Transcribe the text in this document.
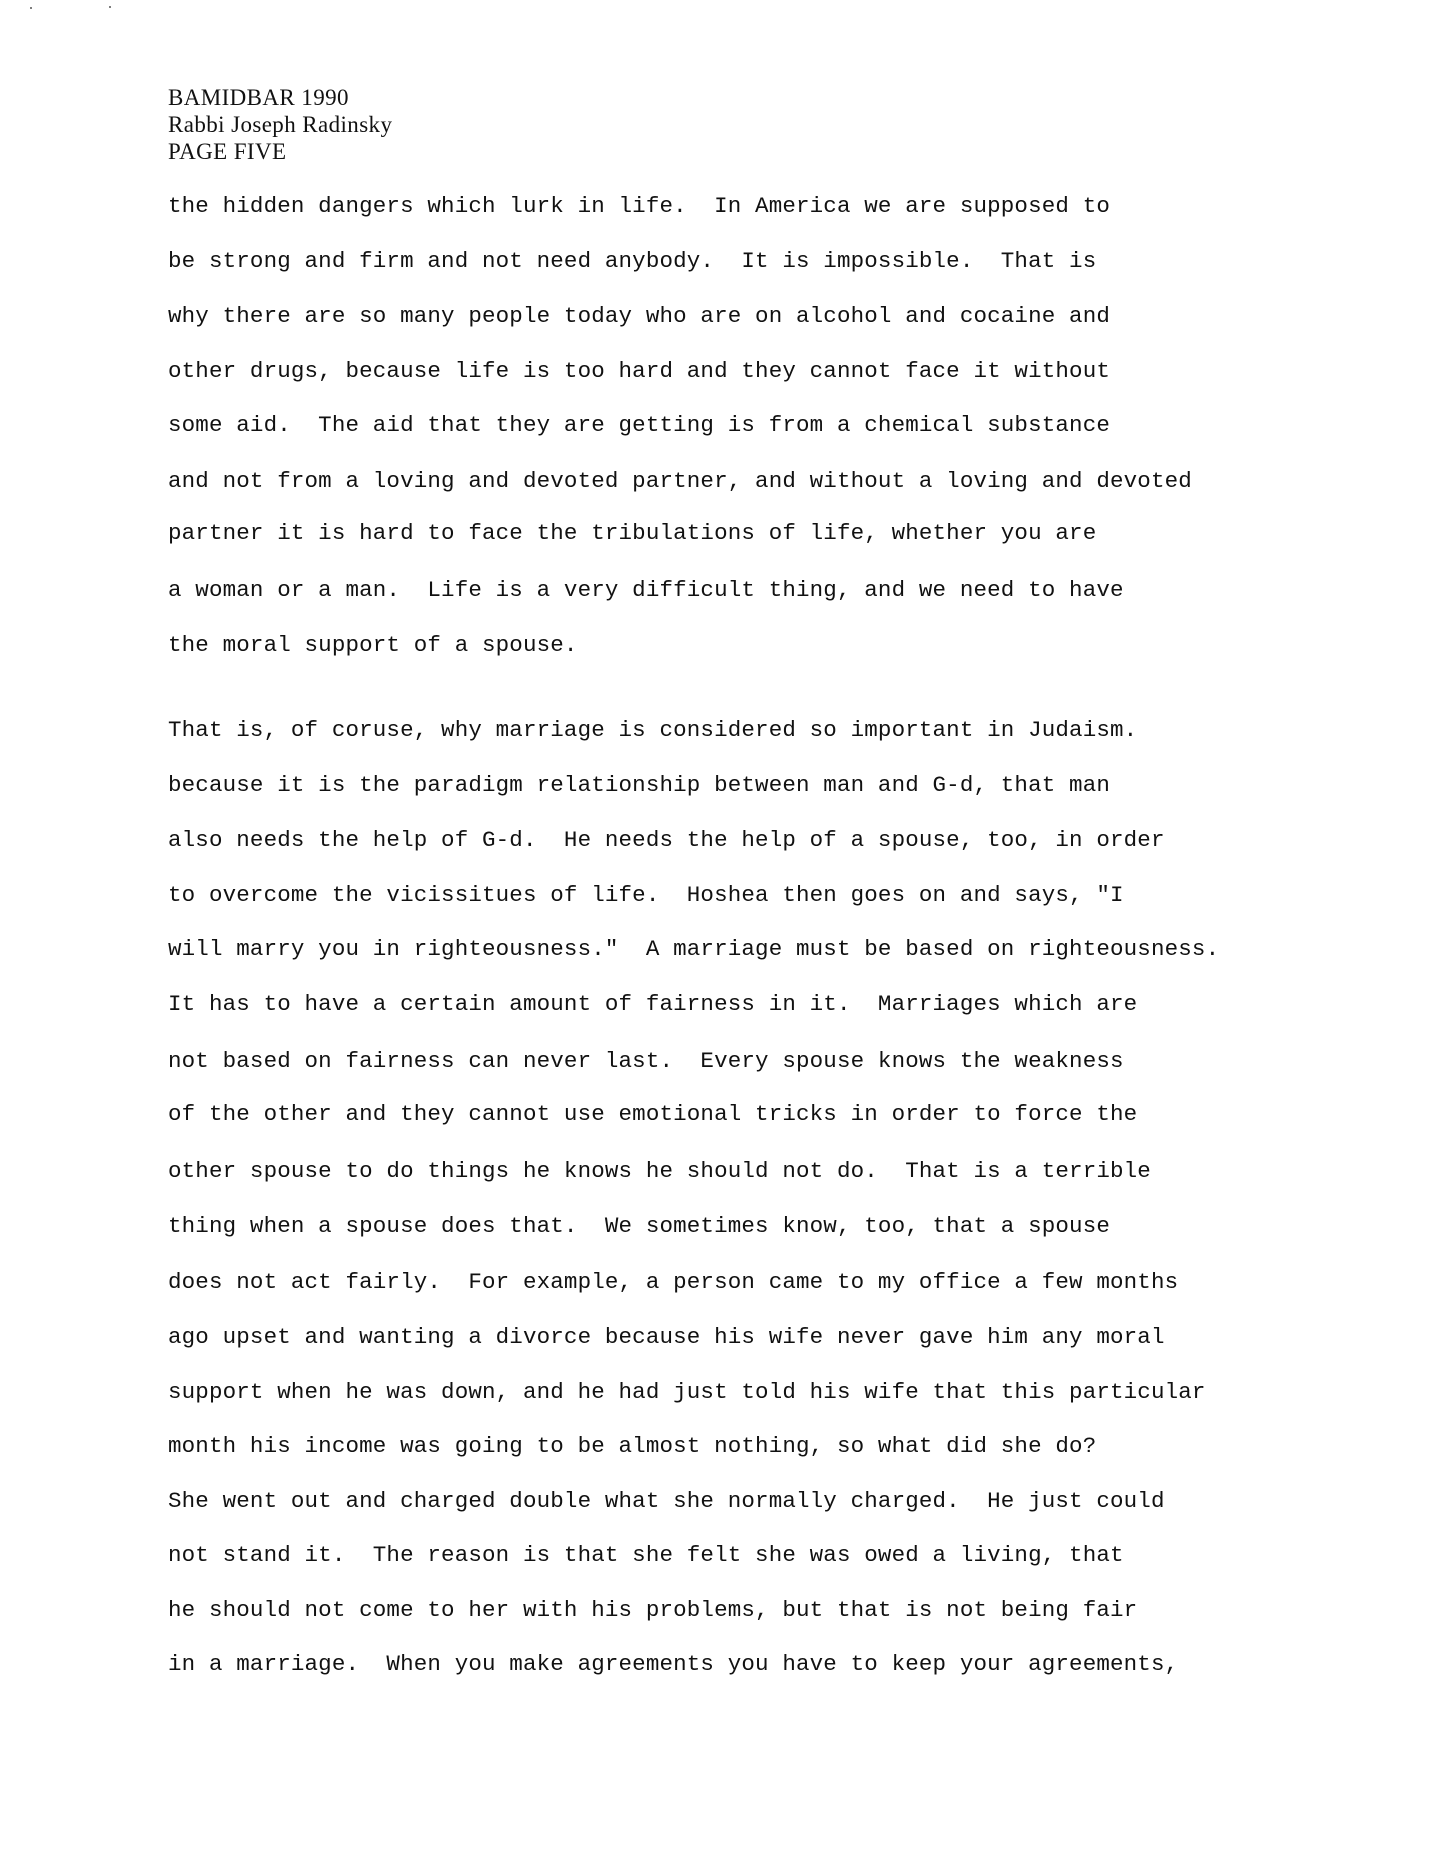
BAMIDBAR 1990
Rabbi Joseph Radinsky
PAGE FIVE
the hidden dangers which lurk in life.  In America we are supposed to
be strong and firm and not need anybody.  It is impossible.  That is
why there are so many people today who are on alcohol and cocaine and
other drugs, because life is too hard and they cannot face it without
some aid.  The aid that they are getting is from a chemical substance
and not from a loving and devoted partner, and without a loving and devoted
partner it is hard to face the tribulations of life, whether you are
a woman or a man.  Life is a very difficult thing, and we need to have
the moral support of a spouse.
That is, of coruse, why marriage is considered so important in Judaism.
because it is the paradigm relationship between man and G-d, that man
also needs the help of G-d.  He needs the help of a spouse, too, in order
to overcome the vicissitues of life.  Hoshea then goes on and says, "I
will marry you in righteousness."  A marriage must be based on righteousness.
It has to have a certain amount of fairness in it.  Marriages which are
not based on fairness can never last.  Every spouse knows the weakness
of the other and they cannot use emotional tricks in order to force the
other spouse to do things he knows he should not do.  That is a terrible
thing when a spouse does that.  We sometimes know, too, that a spouse
does not act fairly.  For example, a person came to my office a few months
ago upset and wanting a divorce because his wife never gave him any moral
support when he was down, and he had just told his wife that this particular
month his income was going to be almost nothing, so what did she do?
She went out and charged double what she normally charged.  He just could
not stand it.  The reason is that she felt she was owed a living, that
he should not come to her with his problems, but that is not being fair
in a marriage.  When you make agreements you have to keep your agreements,
